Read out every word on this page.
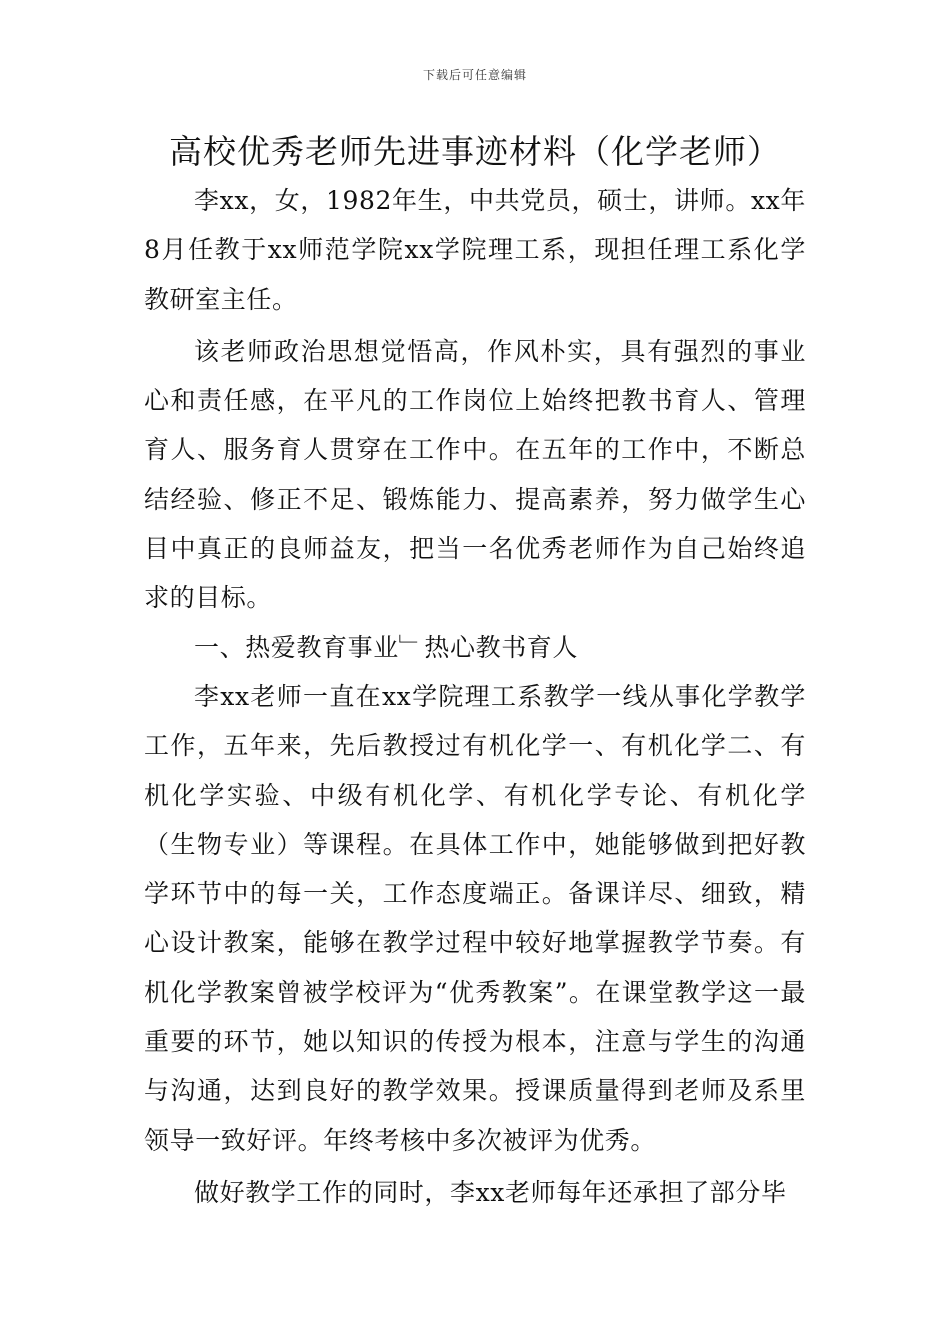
下载后可任意编辑
高校优秀老师先进事迹材料（化学老师）

李xx，女，1982年生，中共党员，硕士，讲师。xx年8月任教于xx师范学院xx学院理工系，现担任理工系化学教研室主任。

该老师政治思想觉悟高，作风朴实，具有强烈的事业心和责任感，在平凡的工作岗位上始终把教书育人、管理育人、服务育人贯穿在工作中。在五年的工作中，不断总结经验、修正不足、锻炼能力、提高素养，努力做学生心目中真正的良师益友，把当一名优秀老师作为自己始终追求的目标。

一、热爱教育事业﹂热心教书育人

李xx老师一直在xx学院理工系教学一线从事化学教学工作，五年来，先后教授过有机化学一、有机化学二、有机化学实验、中级有机化学、有机化学专论、有机化学（生物专业）等课程。在具体工作中，她能够做到把好教学环节中的每一关，工作态度端正。备课详尽、细致，精心设计教案，能够在教学过程中较好地掌握教学节奏。有机化学教案曾被学校评为“优秀教案”。在课堂教学这一最重要的环节，她以知识的传授为根本，注意与学生的沟通与沟通，达到良好的教学效果。授课质量得到老师及系里领导一致好评。年终考核中多次被评为优秀。

做好教学工作的同时，李xx老师每年还承担了部分毕
